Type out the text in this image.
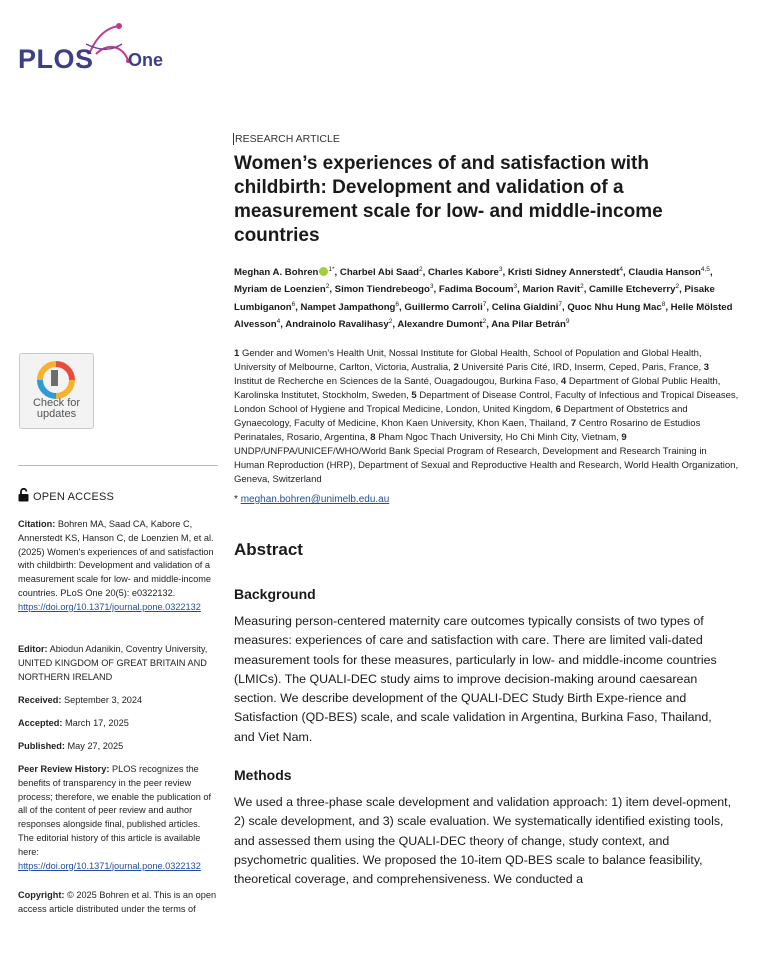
PLOS One
Check for
updates
OPEN ACCESS
Citation: Bohren MA, Saad CA, Kabore C, Annerstedt KS, Hanson C, de Loenzien M, et al. (2025) Women's experiences of and satisfaction with childbirth: Development and validation of a measurement scale for low- and middle-income countries. PLoS One 20(5): e0322132. https://doi.org/10.1371/journal.pone.0322132
Editor: Abiodun Adanikin, Coventry University, UNITED KINGDOM OF GREAT BRITAIN AND NORTHERN IRELAND
Received: September 3, 2024
Accepted: March 17, 2025
Published: May 27, 2025
Peer Review History: PLOS recognizes the benefits of transparency in the peer review process; therefore, we enable the publication of all of the content of peer review and author responses alongside final, published articles. The editorial history of this article is available here: https://doi.org/10.1371/journal.pone.0322132
Copyright: © 2025 Bohren et al. This is an open access article distributed under the terms of
RESEARCH ARTICLE
Women’s experiences of and satisfaction with childbirth: Development and validation of a measurement scale for low- and middle-income countries
Meghan A. Bohren $^{1*}$, Charbel Abi Saad$^2$, Charles Kabore$^3$, Kristi Sidney Annerstedt$^4$, Claudia Hanson$^{4,5}$, Myriam de Loenzien$^2$, Simon Tiendrebeogo$^3$, Fadima Bocoum$^3$, Marion Ravit$^2$, Camille Etcheverry$^2$, Pisake Lumbiganon$^6$, Nampet Jampathong$^6$, Guillermo Carroli$^7$, Celina Gialdini$^7$, Quoc Nhu Hung Mac$^8$, Helle Mölsted Alvesson$^4$, Andrainolo Ravalihasy$^2$, Alexandre Dumont$^2$, Ana Pilar Betrán$^9$
1 Gender and Women’s Health Unit, Nossal Institute for Global Health, School of Population and Global Health, University of Melbourne, Carlton, Victoria, Australia, 2 Université Paris Cité, IRD, Inserm, Ceped, Paris, France, 3 Institut de Recherche en Sciences de la Santé, Ouagadougou, Burkina Faso, 4 Department of Global Public Health, Karolinska Institutet, Stockholm, Sweden, 5 Department of Disease Control, Faculty of Infectious and Tropical Diseases, London School of Hygiene and Tropical Medicine, London, United Kingdom, 6 Department of Obstetrics and Gynaecology, Faculty of Medicine, Khon Kaen University, Khon Kaen, Thailand, 7 Centro Rosarino de Estudios Perinatales, Rosario, Argentina, 8 Pham Ngoc Thach University, Ho Chi Minh City, Vietnam, 9 UNDP/UNFPA/UNICEF/WHO/World Bank Special Program of Research, Development and Research Training in Human Reproduction (HRP), Department of Sexual and Reproductive Health and Research, World Health Organization, Geneva, Switzerland
* meghan.bohren@unimelb.edu.au
Abstract
Background

Measuring person-centered maternity care outcomes typically consists of two types of measures: experiences of care and satisfaction with care. There are limited vali-dated measurement tools for these measures, particularly in low- and middle-income countries (LMICs). The QUALI-DEC study aims to improve decision-making around caesarean section. We describe development of the QUALI-DEC Study Birth Expe-rience and Satisfaction (QD-BES) scale, and scale validation in Argentina, Burkina Faso, Thailand, and Viet Nam.

Methods

We used a three-phase scale development and validation approach: 1) item devel-opment, 2) scale development, and 3) scale evaluation. We systematically identified existing tools, and assessed them using the QUALI-DEC theory of change, study context, and psychometric qualities. We proposed the 10-item QD-BES scale to balance feasibility, theoretical coverage, and comprehensiveness. We conducted a
